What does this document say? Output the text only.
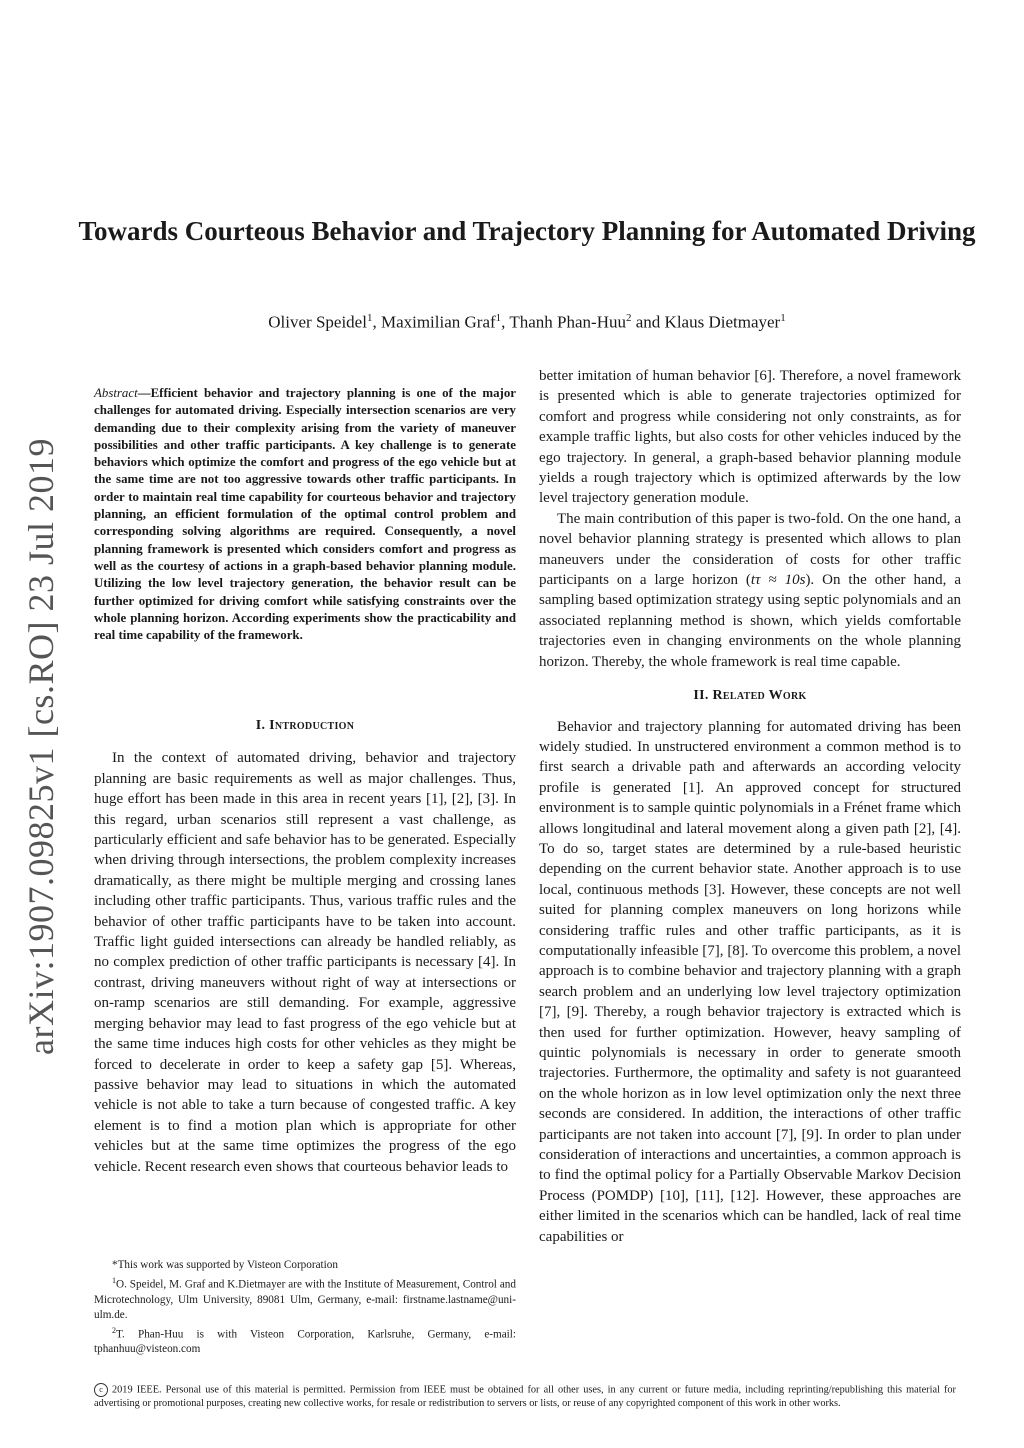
Towards Courteous Behavior and Trajectory Planning for Automated Driving
Oliver Speidel$^1$, Maximilian Graf$^1$, Thanh Phan-Huu$^2$ and Klaus Dietmayer$^1$
arXiv:1907.09825v1 [cs.RO] 23 Jul 2019
Abstract—Efficient behavior and trajectory planning is one of the major challenges for automated driving. Especially intersection scenarios are very demanding due to their complexity arising from the variety of maneuver possibilities and other traffic participants. A key challenge is to generate behaviors which optimize the comfort and progress of the ego vehicle but at the same time are not too aggressive towards other traffic participants. In order to maintain real time capability for courteous behavior and trajectory planning, an efficient formulation of the optimal control problem and corresponding solving algorithms are required. Consequently, a novel planning framework is presented which considers comfort and progress as well as the courtesy of actions in a graph-based behavior planning module. Utilizing the low level trajectory generation, the behavior result can be further optimized for driving comfort while satisfying constraints over the whole planning horizon. According experiments show the practicability and real time capability of the framework.
I. Introduction

In the context of automated driving, behavior and trajectory planning are basic requirements as well as major challenges. Thus, huge effort has been made in this area in recent years [1], [2], [3]. In this regard, urban scenarios still represent a vast challenge, as particularly efficient and safe behavior has to be generated. Especially when driving through intersections, the problem complexity increases dramatically, as there might be multiple merging and crossing lanes including other traffic participants. Thus, various traffic rules and the behavior of other traffic participants have to be taken into account. Traffic light guided intersections can already be handled reliably, as no complex prediction of other traffic participants is necessary [4]. In contrast, driving maneuvers without right of way at intersections or on-ramp scenarios are still demanding. For example, aggressive merging behavior may lead to fast progress of the ego vehicle but at the same time induces high costs for other vehicles as they might be forced to decelerate in order to keep a safety gap [5]. Whereas, passive behavior may lead to situations in which the automated vehicle is not able to take a turn because of congested traffic. A key element is to find a motion plan which is appropriate for other vehicles but at the same time optimizes the progress of the ego vehicle. Recent research even shows that courteous behavior leads to

*This work was supported by Visteon Corporation

$^1$O. Speidel, M. Graf and K.Dietmayer are with the Institute of Measurement, Control and Microtechnology, Ulm University, 89081 Ulm, Germany, e-mail: firstname.lastname@uni-ulm.de.

$^2$T. Phan-Huu is with Visteon Corporation, Karlsruhe, Germany, e-mail: tphanhuu@visteon.com

better imitation of human behavior [6]. Therefore, a novel framework is presented which is able to generate trajectories optimized for comfort and progress while considering not only constraints, as for example traffic lights, but also costs for other vehicles induced by the ego trajectory. In general, a graph-based behavior planning module yields a rough trajectory which is optimized afterwards by the low level trajectory generation module.

The main contribution of this paper is two-fold. On the one hand, a novel behavior planning strategy is presented which allows to plan maneuvers under the consideration of costs for other traffic participants on a large horizon (tτ ≈ 10s). On the other hand, a sampling based optimization strategy using septic polynomials and an associated replanning method is shown, which yields comfortable trajectories even in changing environments on the whole planning horizon. Thereby, the whole framework is real time capable.

II. Related Work

Behavior and trajectory planning for automated driving has been widely studied. In unstructered environment a common method is to first search a drivable path and afterwards an according velocity profile is generated [1]. An approved concept for structured environment is to sample quintic polynomials in a Frénet frame which allows longitudinal and lateral movement along a given path [2], [4]. To do so, target states are determined by a rule-based heuristic depending on the current behavior state. Another approach is to use local, continuous methods [3]. However, these concepts are not well suited for planning complex maneuvers on long horizons while considering traffic rules and other traffic participants, as it is computationally infeasible [7], [8]. To overcome this problem, a novel approach is to combine behavior and trajectory planning with a graph search problem and an underlying low level trajectory optimization [7], [9]. Thereby, a rough behavior trajectory is extracted which is then used for further optimization. However, heavy sampling of quintic polynomials is necessary in order to generate smooth trajectories. Furthermore, the optimality and safety is not guaranteed on the whole horizon as in low level optimization only the next three seconds are considered. In addition, the interactions of other traffic participants are not taken into account [7], [9]. In order to plan under consideration of interactions and uncertainties, a common approach is to find the optimal policy for a Partially Observable Markov Decision Process (POMDP) [10], [11], [12]. However, these approaches are either limited in the scenarios which can be handled, lack of real time capabilities or

c 2019 IEEE. Personal use of this material is permitted. Permission from IEEE must be obtained for all other uses, in any current or future media, including reprinting/republishing this material for advertising or promotional purposes, creating new collective works, for resale or redistribution to servers or lists, or reuse of any copyrighted component of this work in other works.
